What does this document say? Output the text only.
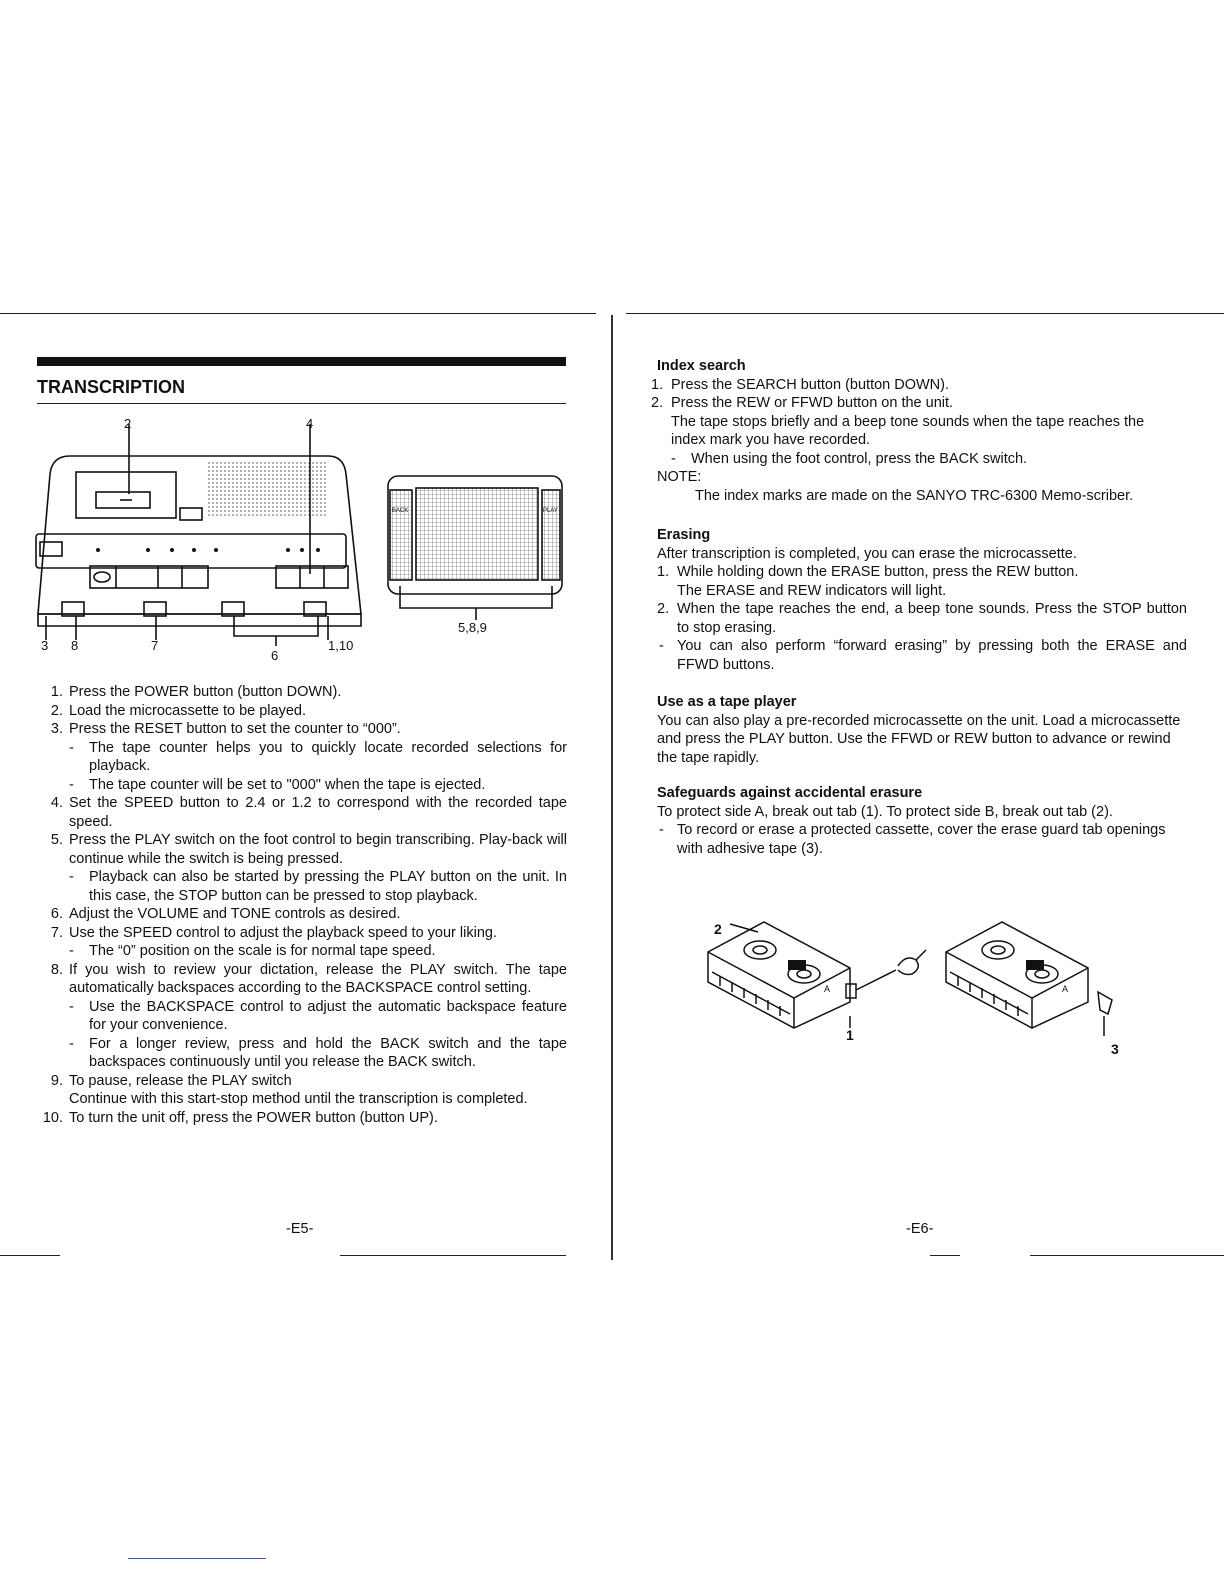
TRANSCRIPTION
2	4
3 8	7
6
1,10
5,8,9
BACK	PLAY
1. Press the POWER button (button DOWN).
2. Load the microcassette to be played.
3. Press the RESET button to set the counter to “000”.
- The tape counter helps you to quickly locate recorded selections for playback.
- The tape counter will be set to "000" when the tape is ejected.
4. Set the SPEED button to 2.4 or 1.2 to correspond with the recorded tape speed.
5. Press the PLAY switch on the foot control to begin transcribing. Play-back will continue while the switch is being pressed.
- Playback can also be started by pressing the PLAY button on the unit. In this case, the STOP button can be pressed to stop playback.
6. Adjust the VOLUME and TONE controls as desired.
7. Use the SPEED control to adjust the playback speed to your liking.
- The “0” position on the scale is for normal tape speed.
8. If you wish to review your dictation, release the PLAY switch. The tape automatically backspaces according to the BACKSPACE control setting.
- Use the BACKSPACE control to adjust the automatic backspace feature for your convenience.
- For a longer review, press and hold the BACK switch and the tape backspaces continuously until you release the BACK switch.
9. To pause, release the PLAY switch
Continue with this start-stop method until the transcription is completed.
10. To turn the unit off, press the POWER button (button UP).
-E5-
Index search
1. Press the SEARCH button (button DOWN).
2. Press the REW or FFWD button on the unit.
The tape stops briefly and a beep tone sounds when the tape reaches the index mark you have recorded.
- When using the foot control, press the BACK switch.

NOTE:

The index marks are made on the SANYO TRC-6300 Memo-scriber.

Erasing

After transcription is completed, you can erase the microcassette.

1. While holding down the ERASE button, press the REW button.
The ERASE and REW indicators will light.
2. When the tape reaches the end, a beep tone sounds. Press the STOP button to stop erasing.
- You can also perform “forward erasing” by pressing both the ERASE and FFWD buttons.
Use as a tape player

You can also play a pre-recorded microcassette on the unit. Load a microcassette and press the PLAY button. Use the FFWD or REW button to advance or rewind the tape rapidly.

Safeguards against accidental erasure

To protect side A, break out tab (1). To protect side B, break out tab (2).

- To record or erase a protected cassette, cover the erase guard tab openings with adhesive tape (3).
2
1
3
A	A
-E6-
